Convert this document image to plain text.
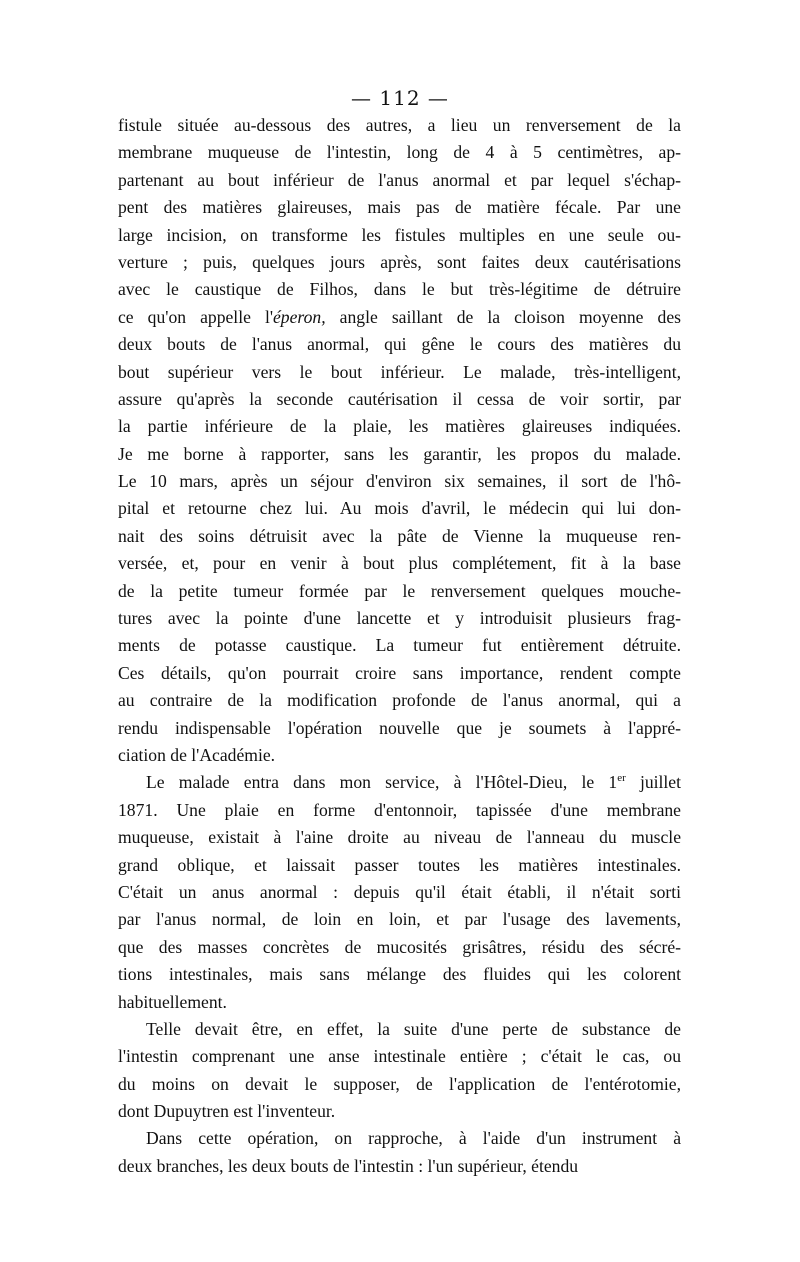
— 112 —
fistule située au-dessous des autres, a lieu un renversement de la
membrane muqueuse de l'intestin, long de 4 à 5 centimètres, ap-
partenant au bout inférieur de l'anus anormal et par lequel s'échap-
pent des matières glaireuses, mais pas de matière fécale. Par une
large incision, on transforme les fistules multiples en une seule ou-
verture ; puis, quelques jours après, sont faites deux cautérisations
avec le caustique de Filhos, dans le but très-légitime de détruire
ce qu'on appelle l'éperon, angle saillant de la cloison moyenne des
deux bouts de l'anus anormal, qui gêne le cours des matières du
bout supérieur vers le bout inférieur. Le malade, très-intelligent,
assure qu'après la seconde cautérisation il cessa de voir sortir, par
la partie inférieure de la plaie, les matières glaireuses indiquées.
Je me borne à rapporter, sans les garantir, les propos du malade.
Le 10 mars, après un séjour d'environ six semaines, il sort de l'hô-
pital et retourne chez lui. Au mois d'avril, le médecin qui lui don-
nait des soins détruisit avec la pâte de Vienne la muqueuse ren-
versée, et, pour en venir à bout plus complétement, fit à la base
de la petite tumeur formée par le renversement quelques mouche-
tures avec la pointe d'une lancette et y introduisit plusieurs frag-
ments de potasse caustique. La tumeur fut entièrement détruite.
Ces détails, qu'on pourrait croire sans importance, rendent compte
au contraire de la modification profonde de l'anus anormal, qui a
rendu indispensable l'opération nouvelle que je soumets à l'appré-
ciation de l'Académie.
Le malade entra dans mon service, à l'Hôtel-Dieu, le 1er juillet
1871. Une plaie en forme d'entonnoir, tapissée d'une membrane
muqueuse, existait à l'aine droite au niveau de l'anneau du muscle
grand oblique, et laissait passer toutes les matières intestinales.
C'était un anus anormal : depuis qu'il était établi, il n'était sorti
par l'anus normal, de loin en loin, et par l'usage des lavements,
que des masses concrètes de mucosités grisâtres, résidu des sécré-
tions intestinales, mais sans mélange des fluides qui les colorent
habituellement.
Telle devait être, en effet, la suite d'une perte de substance de
l'intestin comprenant une anse intestinale entière ; c'était le cas, ou
du moins on devait le supposer, de l'application de l'entérotomie,
dont Dupuytren est l'inventeur.
Dans cette opération, on rapproche, à l'aide d'un instrument à
deux branches, les deux bouts de l'intestin : l'un supérieur, étendu
